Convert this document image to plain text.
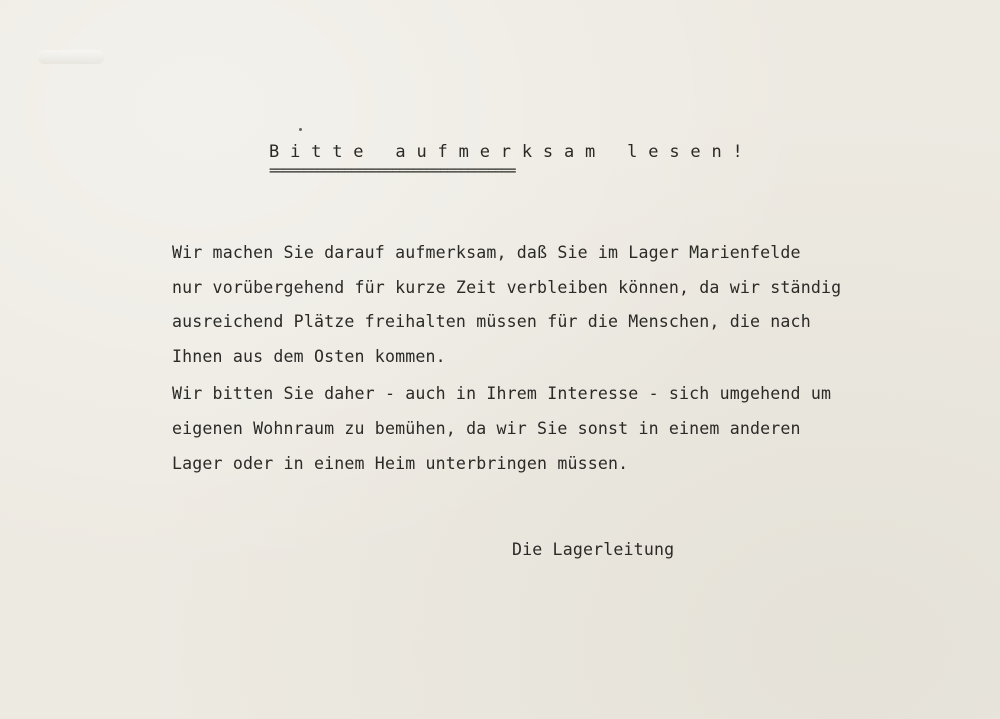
B i t t e   a u f m e r k s a m   l e s e n !
====================================
Wir machen Sie darauf aufmerksam, daß Sie im Lager Marienfelde
nur vorübergehend für kurze Zeit verbleiben können, da wir ständig
ausreichend Plätze freihalten müssen für die Menschen, die nach
Ihnen aus dem Osten kommen.
Wir bitten Sie daher - auch in Ihrem Interesse - sich umgehend um
eigenen Wohnraum zu bemühen, da wir Sie sonst in einem anderen
Lager oder in einem Heim unterbringen müssen.
Die Lagerleitung
